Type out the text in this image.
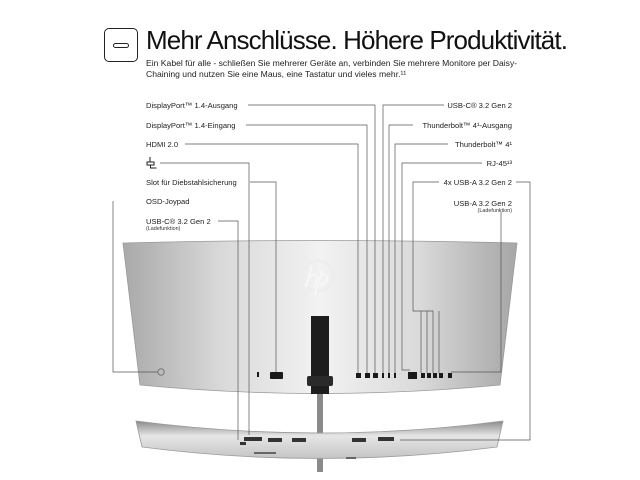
Mehr Anschlüsse. Höhere Produktivität.
Ein Kabel für alle - schließen Sie mehrerer Geräte an, verbinden Sie mehrere Monitore per Daisy-Chaining und nutzen Sie eine Maus, eine Tastatur und vieles mehr.¹¹
DisplayPort™ 1.4-Ausgang
DisplayPort™ 1.4-Eingang
HDMI 2.0
Slot für Diebstahlsicherung
OSD-Joypad
USB-C® 3.2 Gen 2
(Ladefunktion)
USB-C® 3.2 Gen 2
Thunderbolt™ 4¹-Ausgang
Thunderbolt™ 4¹
RJ-45¹³
4x USB-A 3.2 Gen 2
USB-A 3.2 Gen 2
(Ladefunktion)
